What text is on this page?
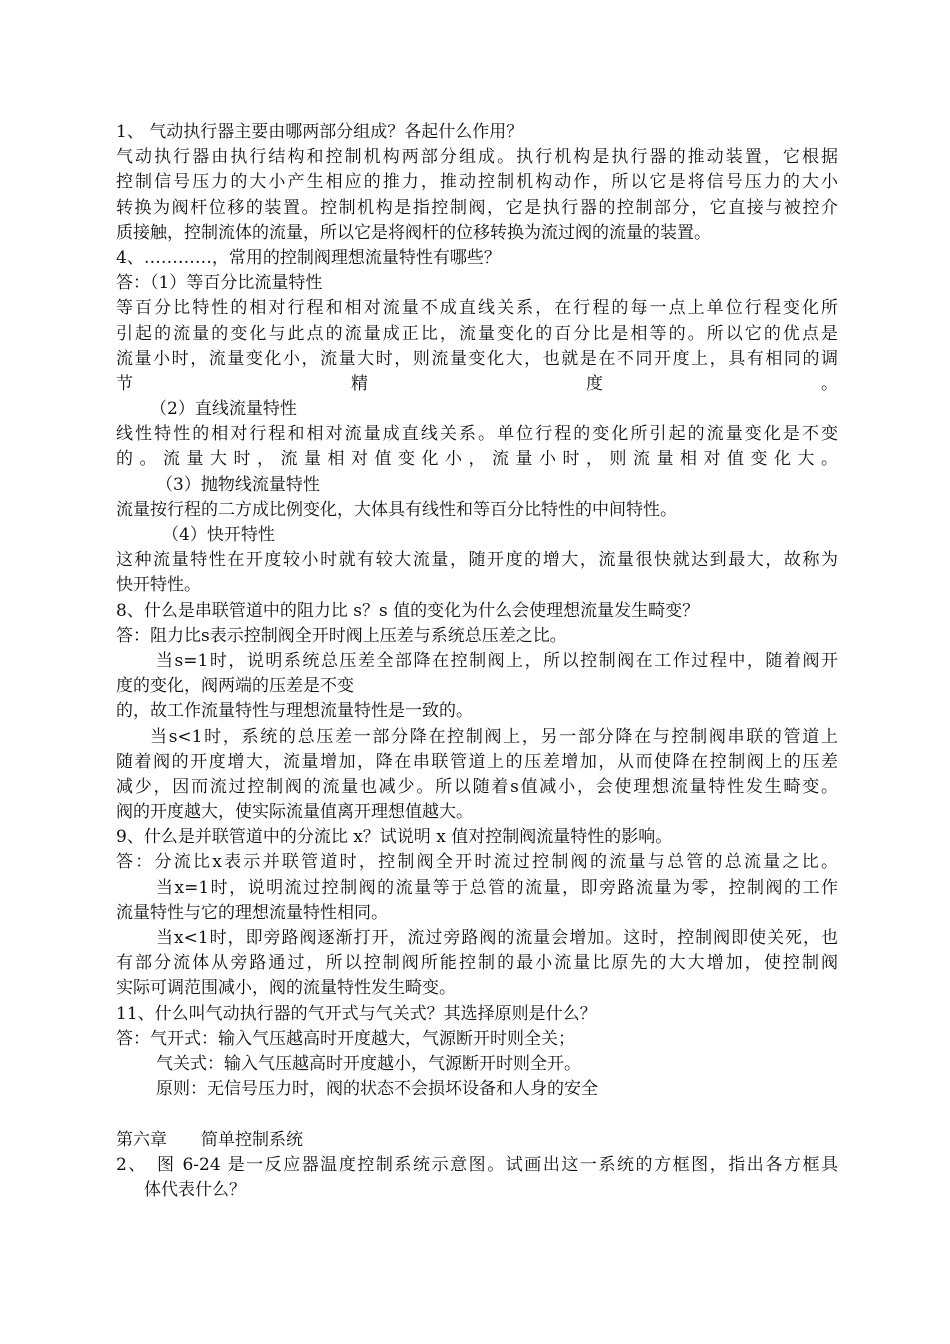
1、 气动执行器主要由哪两部分组成？各起什么作用？
气动执行器由执行结构和控制机构两部分组成。执行机构是执行器的推动装置，它根据
控制信号压力的大小产生相应的推力，推动控制机构动作，所以它是将信号压力的大小
转换为阀杆位移的装置。控制机构是指控制阀，它是执行器的控制部分，它直接与被控介
质接触，控制流体的流量，所以它是将阀杆的位移转换为流过阀的流量的装置。
4、…………，常用的控制阀理想流量特性有哪些？
答：（1）等百分比流量特性
等百分比特性的相对行程和相对流量不成直线关系，在行程的每一点上单位行程变化所
引起的流量的变化与此点的流量成正比，流量变化的百分比是相等的。所以它的优点是
流量小时，流量变化小，流量大时，则流量变化大，也就是在不同开度上，具有相同的调
节　精　度　。
（2）直线流量特性
线性特性的相对行程和相对流量成直线关系。单位行程的变化所引起的流量变化是不变
的。流量大时，流量相对值变化小，流量小时，则流量相对值变化大。
（3）抛物线流量特性
流量按行程的二方成比例变化，大体具有线性和等百分比特性的中间特性。
（4）快开特性
这种流量特性在开度较小时就有较大流量，随开度的增大，流量很快就达到最大，故称为
快开特性。
8、什么是串联管道中的阻力比 s？s 值的变化为什么会使理想流量发生畸变？
答：阻力比s表示控制阀全开时阀上压差与系统总压差之比。
当s=1时，说明系统总压差全部降在控制阀上，所以控制阀在工作过程中，随着阀开
度的变化，阀两端的压差是不变
的，故工作流量特性与理想流量特性是一致的。
当s<1时，系统的总压差一部分降在控制阀上，另一部分降在与控制阀串联的管道上
随着阀的开度增大，流量增加，降在串联管道上的压差增加，从而使降在控制阀上的压差
减少，因而流过控制阀的流量也减少。所以随着s值减小，会使理想流量特性发生畸变。
阀的开度越大，使实际流量值离开理想值越大。
9、什么是并联管道中的分流比 x？试说明 x 值对控制阀流量特性的影响。
答：分流比x表示并联管道时，控制阀全开时流过控制阀的流量与总管的总流量之比。
当x=1时，说明流过控制阀的流量等于总管的流量，即旁路流量为零，控制阀的工作
流量特性与它的理想流量特性相同。
当x<1时，即旁路阀逐渐打开，流过旁路阀的流量会增加。这时，控制阀即使关死，也
有部分流体从旁路通过，所以控制阀所能控制的最小流量比原先的大大增加，使控制阀
实际可调范围减小，阀的流量特性发生畸变。
11、什么叫气动执行器的气开式与气关式？其选择原则是什么？
答：气开式：输入气压越高时开度越大，气源断开时则全关；
气关式：输入气压越高时开度越小，气源断开时则全开。
原则：无信号压力时，阀的状态不会损坏设备和人身的安全
第六章　　简单控制系统
2、　图 6-24 是一反应器温度控制系统示意图。试画出这一系统的方框图，指出各方框具
体代表什么？
